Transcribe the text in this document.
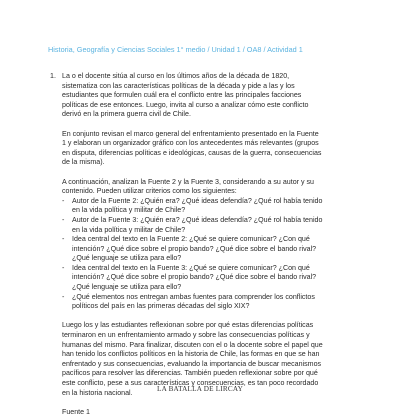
Historia, Geografía y Ciencias Sociales 1° medio / Unidad 1 / OA8 / Actividad 1
1. La o el docente sitúa al curso en los últimos años de la década de 1820,
sistematiza con las características políticas de la década y pide a las y los
estudiantes que formulen cuál era el conflicto entre las principales facciones
políticas de ese entonces. Luego, invita al curso a analizar cómo este conflicto
derivó en la primera guerra civil de Chile.

En conjunto revisan el marco general del enfrentamiento presentado en la Fuente
1 y elaboran un organizador gráfico con los antecedentes más relevantes (grupos
en disputa, diferencias políticas e ideológicas, causas de la guerra, consecuencias
de la misma).

A continuación, analizan la Fuente 2 y la Fuente 3, considerando a su autor y su
contenido. Pueden utilizar criterios como los siguientes:

- Autor de la Fuente 2: ¿Quién era? ¿Qué ideas defendía? ¿Qué rol había tenido
en la vida política y militar de Chile?
- Autor de la Fuente 3: ¿Quién era? ¿Qué ideas defendía? ¿Qué rol había tenido
en la vida política y militar de Chile?
- Idea central del texto en la Fuente 2: ¿Qué se quiere comunicar? ¿Con qué
intención? ¿Qué dice sobre el propio bando? ¿Qué dice sobre el bando rival?
¿Qué lenguaje se utiliza para ello?
- Idea central del texto en la Fuente 3: ¿Qué se quiere comunicar? ¿Con qué
intención? ¿Qué dice sobre el propio bando? ¿Qué dice sobre el bando rival?
¿Qué lenguaje se utiliza para ello?
- ¿Qué elementos nos entregan ambas fuentes para comprender los conflictos
políticos del país en las primeras décadas del siglo XIX?

Luego los y las estudiantes reflexionan sobre por qué estas diferencias políticas
terminaron en un enfrentamiento armado y sobre las consecuencias políticas y
humanas del mismo. Para finalizar, discuten con el o la docente sobre el papel que
han tenido los conflictos políticos en la historia de Chile, las formas en que se han
enfrentado y sus consecuencias, evaluando la importancia de buscar mecanismos
pacíficos para resolver las diferencias. También pueden reflexionar sobre por qué
este conflicto, pese a sus características y consecuencias, es tan poco recordado
en la historia nacional.

Fuente 1

LA BATALLA DE LIRCAY
